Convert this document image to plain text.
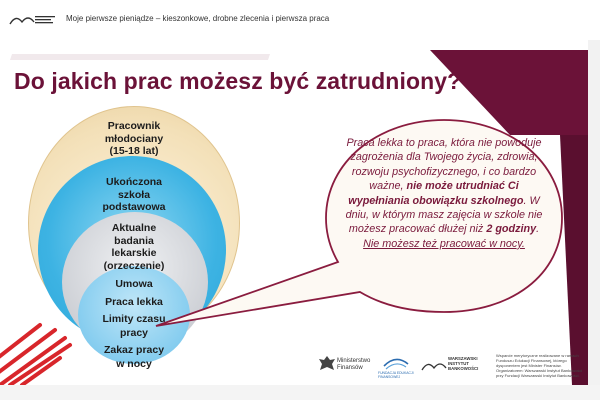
Moje pierwsze pieniądze – kieszonkowe, drobne zlecenia i pierwsza praca
Do jakich prac możesz być zatrudniony?
Pracownik
młodociany
(15-18 lat)
Ukończona
szkoła
podstawowa
Aktualne
badania
lekarskie
(orzeczenie)
Umowa
Praca lekka
Limity czasu
pracy
Zakaz pracy
w nocy
Praca lekka to praca, która nie powoduje zagrożenia dla Twojego życia, zdrowia, rozwoju psychofizycznego, i co bardzo ważne, nie może utrudniać Ci wypełniania obowiązku szkolnego. W dniu, w którym masz zajęcia w szkole nie możesz pracować dłużej niż 2 godziny.
Nie możesz też pracować w nocy.
Ministerstwo
Finansów
FUNDACJA EDUKACJI FINANSOWEJ
WARSZAWSKI INSTYTUT BANKOWOŚCI
Wsparcie merytoryczne realizowane w ramach Funduszu Edukacji Finansowej, którego dysponentem jest Minister Finansów. Organizatorem: Warszawski Instytut Bankowości przy Fundacji Warszawski Instytut Bankowości.
